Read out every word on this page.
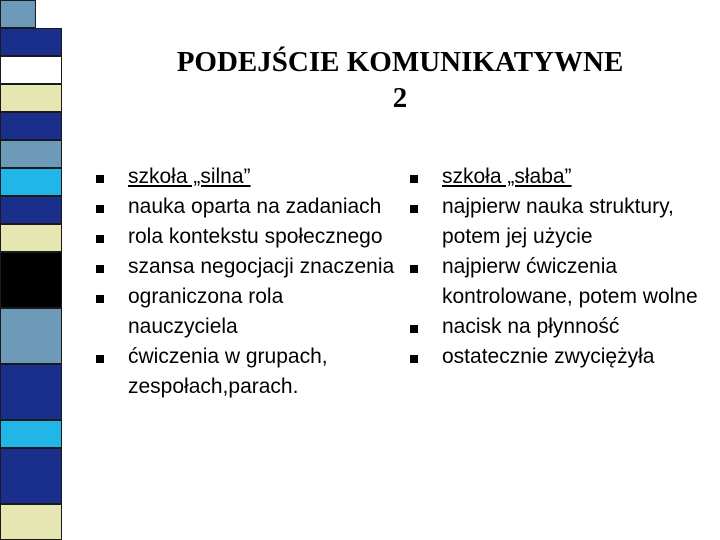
PODEJŚCIE KOMUNIKATYWNE
2
szkoła „silna”
nauka oparta na zadaniach
rola kontekstu społecznego
szansa negocjacji znaczenia
ograniczona rola nauczyciela
ćwiczenia w grupach, zespołach,parach.
szkoła „słaba”
najpierw nauka struktury, potem jej użycie
najpierw ćwiczenia kontrolowane, potem wolne
nacisk na płynność
ostatecznie zwyciężyła
